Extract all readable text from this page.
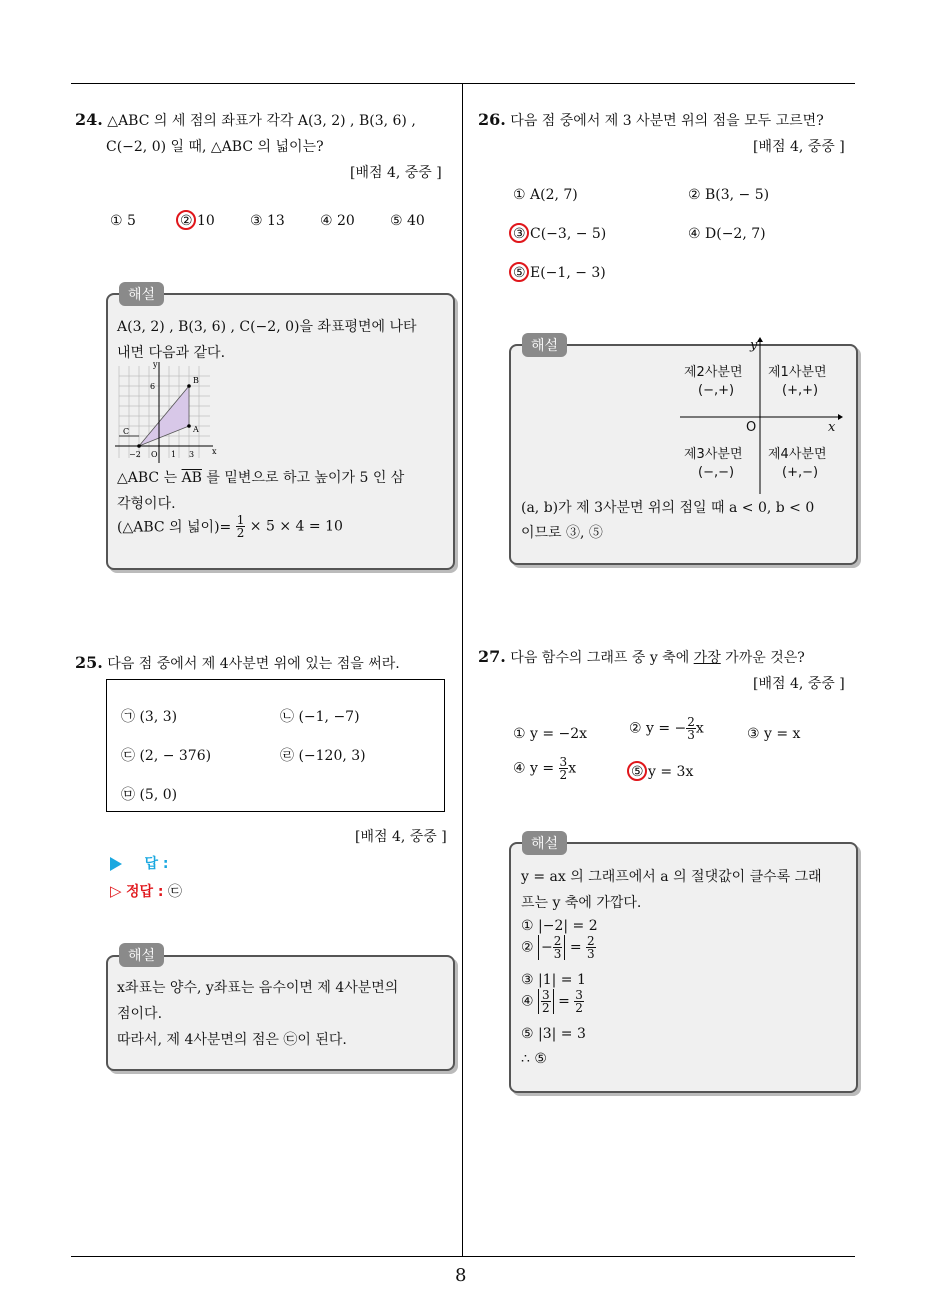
8
24. △ABC 의 세 점의 좌표가 각각 A(3, 2) , B(3, 6) ,
C(−2, 0) 일 때, △ABC 의 넓이는?
[배점 4, 중중 ]
① 5	② 10	③ 13	④ 20	⑤ 40
해설
A(3, 2) , B(3, 6) , C(−2, 0)을 좌표평면에 나타
내면 다음과 같다.
y
x
6
−2 O 1 3
B
A
C
△ABC 는 $\overline{AB}$ 를 밑변으로 하고 높이가 5 인 삼
각형이다.
(△ABC 의 넓이)= $\frac{1}{2} \times 5 \times 4 = 10$
25. 다음 점 중에서 제 4사분면 위에 있는 점을 써라.
㉠ (3, 3)	㉡ (−1, −7)
㉢ (2, − 376)	㉣ (−120, 3)
㉤ (5, 0)
[배점 4, 중중 ]
답 :
▷ 정답 : ㉢
해설
x좌표는 양수, y좌표는 음수이면 제 4사분면의
점이다.
따라서, 제 4사분면의 점은 ㉢이 된다.
26. 다음 점 중에서 제 3 사분면 위의 점을 모두 고르면?
[배점 4, 중중 ]
① A(2, 7)	② B(3, − 5)
③ C(−3, − 5)	④ D(−2, 7)
⑤ E(−1, − 3)
해설
제2사분면
(−,+)
제1사분면
(+,+)
제3사분면
(−,−)
제4사분면
(+,−)
O	x
y
(a, b)가 제 3사분면 위의 점일 때 a < 0, b < 0
이므로 ③, ⑤
27. 다음 함수의 그래프 중 y 축에 가장 가까운 것은?
[배점 4, 중중 ]
① y = −2x	② y = − $\frac{2}{3}$ x	③ y = x
④ $y = \frac{3}{2}$ x	⑤ y = 3x
해설
y = ax 의 그래프에서 a 의 절댓값이 클수록 그래
프는 y 축에 가깝다.
① |−2| = 2
② − $\frac{2}{3} = \frac{2}{3}$
③ |1| = 1
④ $\frac{3}{2} = \frac{3}{2}$
⑤ |3| = 3
∴ ⑤
